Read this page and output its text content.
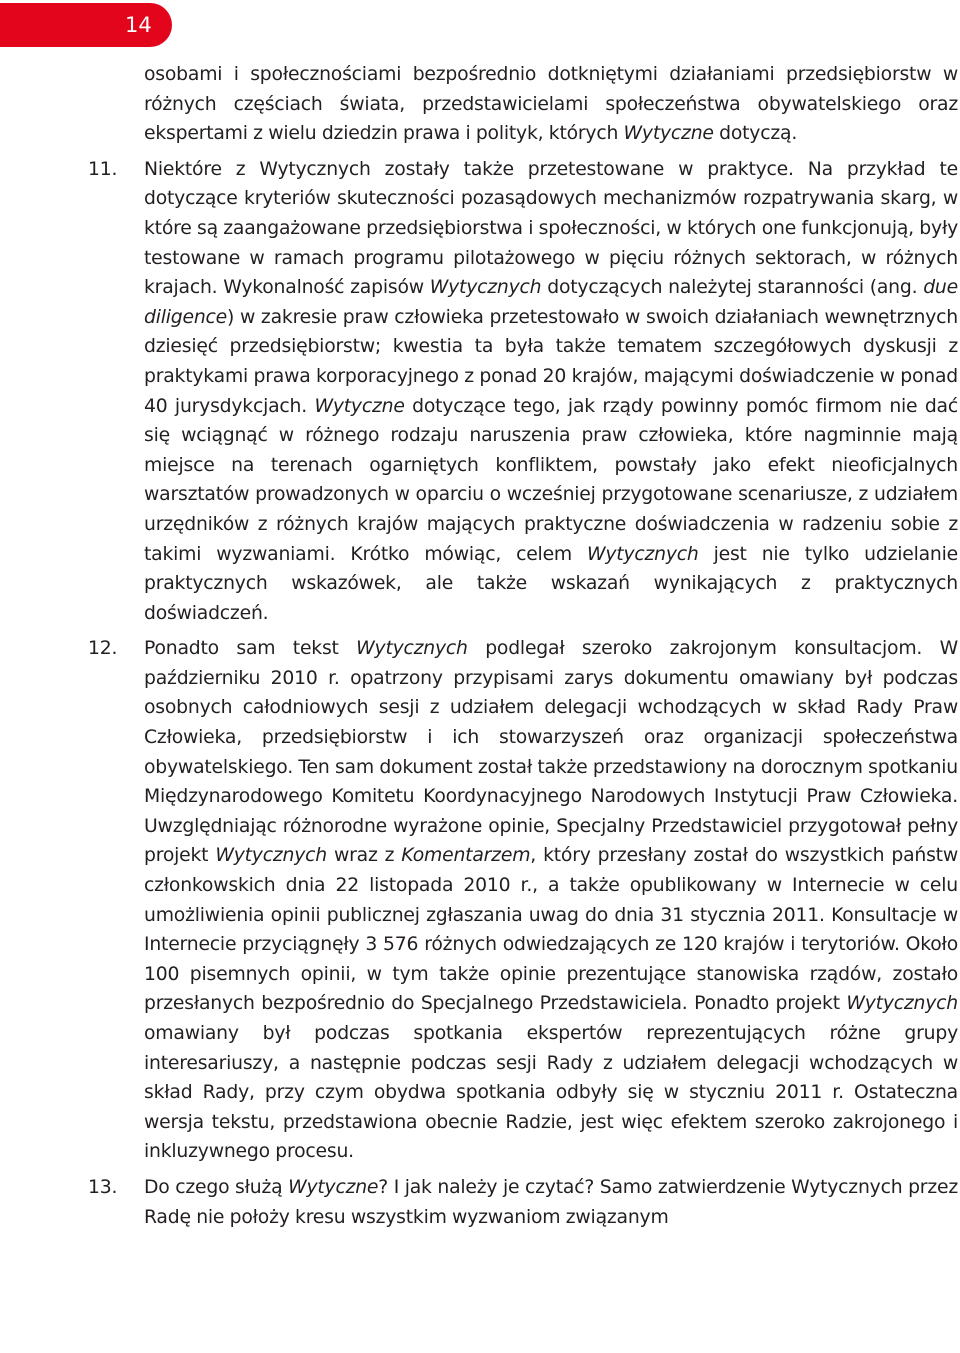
14
osobami i społecznościami bezpośrednio dotkniętymi działaniami przedsiębiorstw w różnych częściach świata, przedstawicielami społeczeństwa obywatelskiego oraz ekspertami z wielu dziedzin prawa i polityk, których Wytyczne dotyczą.
11. Niektóre z Wytycznych zostały także przetestowane w praktyce. Na przykład te dotyczące kryteriów skuteczności pozasądowych mechanizmów rozpatrywania skarg, w które są zaangażowane przedsiębiorstwa i społeczności, w których one funkcjonują, były testowane w ramach programu pilotażowego w pięciu różnych sektorach, w różnych krajach. Wykonalność zapisów Wytycznych dotyczących należytej staranności (ang. due diligence) w zakresie praw człowieka przetestowało w swoich działaniach wewnętrznych dziesięć przedsiębiorstw; kwestia ta była także tematem szczegółowych dyskusji z praktykami prawa korporacyjnego z ponad 20 krajów, mającymi doświadczenie w ponad 40 jurysdykcjach. Wytyczne dotyczące tego, jak rządy powinny pomóc firmom nie dać się wciągnąć w różnego rodzaju naruszenia praw człowieka, które nagminnie mają miejsce na terenach ogarniętych konfliktem, powstały jako efekt nieoficjalnych warsztatów prowadzonych w oparciu o wcześniej przygotowane scenariusze, z udziałem urzędników z różnych krajów mających praktyczne doświadczenia w radzeniu sobie z takimi wyzwaniami. Krótko mówiąc, celem Wytycznych jest nie tylko udzielanie praktycznych wskazówek, ale także wskazań wynikających z praktycznych doświadczeń.
12. Ponadto sam tekst Wytycznych podlegał szeroko zakrojonym konsultacjom. W październiku 2010 r. opatrzony przypisami zarys dokumentu omawiany był podczas osobnych całodniowych sesji z udziałem delegacji wchodzących w skład Rady Praw Człowieka, przedsiębiorstw i ich stowarzyszeń oraz organizacji społeczeństwa obywatelskiego. Ten sam dokument został także przedstawiony na dorocznym spotkaniu Międzynarodowego Komitetu Koordynacyjnego Narodowych Instytucji Praw Człowieka. Uwzględniając różnorodne wyrażone opinie, Specjalny Przedstawiciel przygotował pełny projekt Wytycznych wraz z Komentarzem, który przesłany został do wszystkich państw członkowskich dnia 22 listopada 2010 r., a także opublikowany w Internecie w celu umożliwienia opinii publicznej zgłaszania uwag do dnia 31 stycznia 2011. Konsultacje w Internecie przyciągnęły 3 576 różnych odwiedzających ze 120 krajów i terytoriów. Około 100 pisemnych opinii, w tym także opinie prezentujące stanowiska rządów, zostało przesłanych bezpośrednio do Specjalnego Przedstawiciela. Ponadto projekt Wytycznych omawiany był podczas spotkania ekspertów reprezentujących różne grupy interesariuszy, a następnie podczas sesji Rady z udziałem delegacji wchodzących w skład Rady, przy czym obydwa spotkania odbyły się w styczniu 2011 r. Ostateczna wersja tekstu, przedstawiona obecnie Radzie, jest więc efektem szeroko zakrojonego i inkluzywnego procesu.
13. Do czego służą Wytyczne? I jak należy je czytać? Samo zatwierdzenie Wytycznych przez Radę nie położy kresu wszystkim wyzwaniom związanym
